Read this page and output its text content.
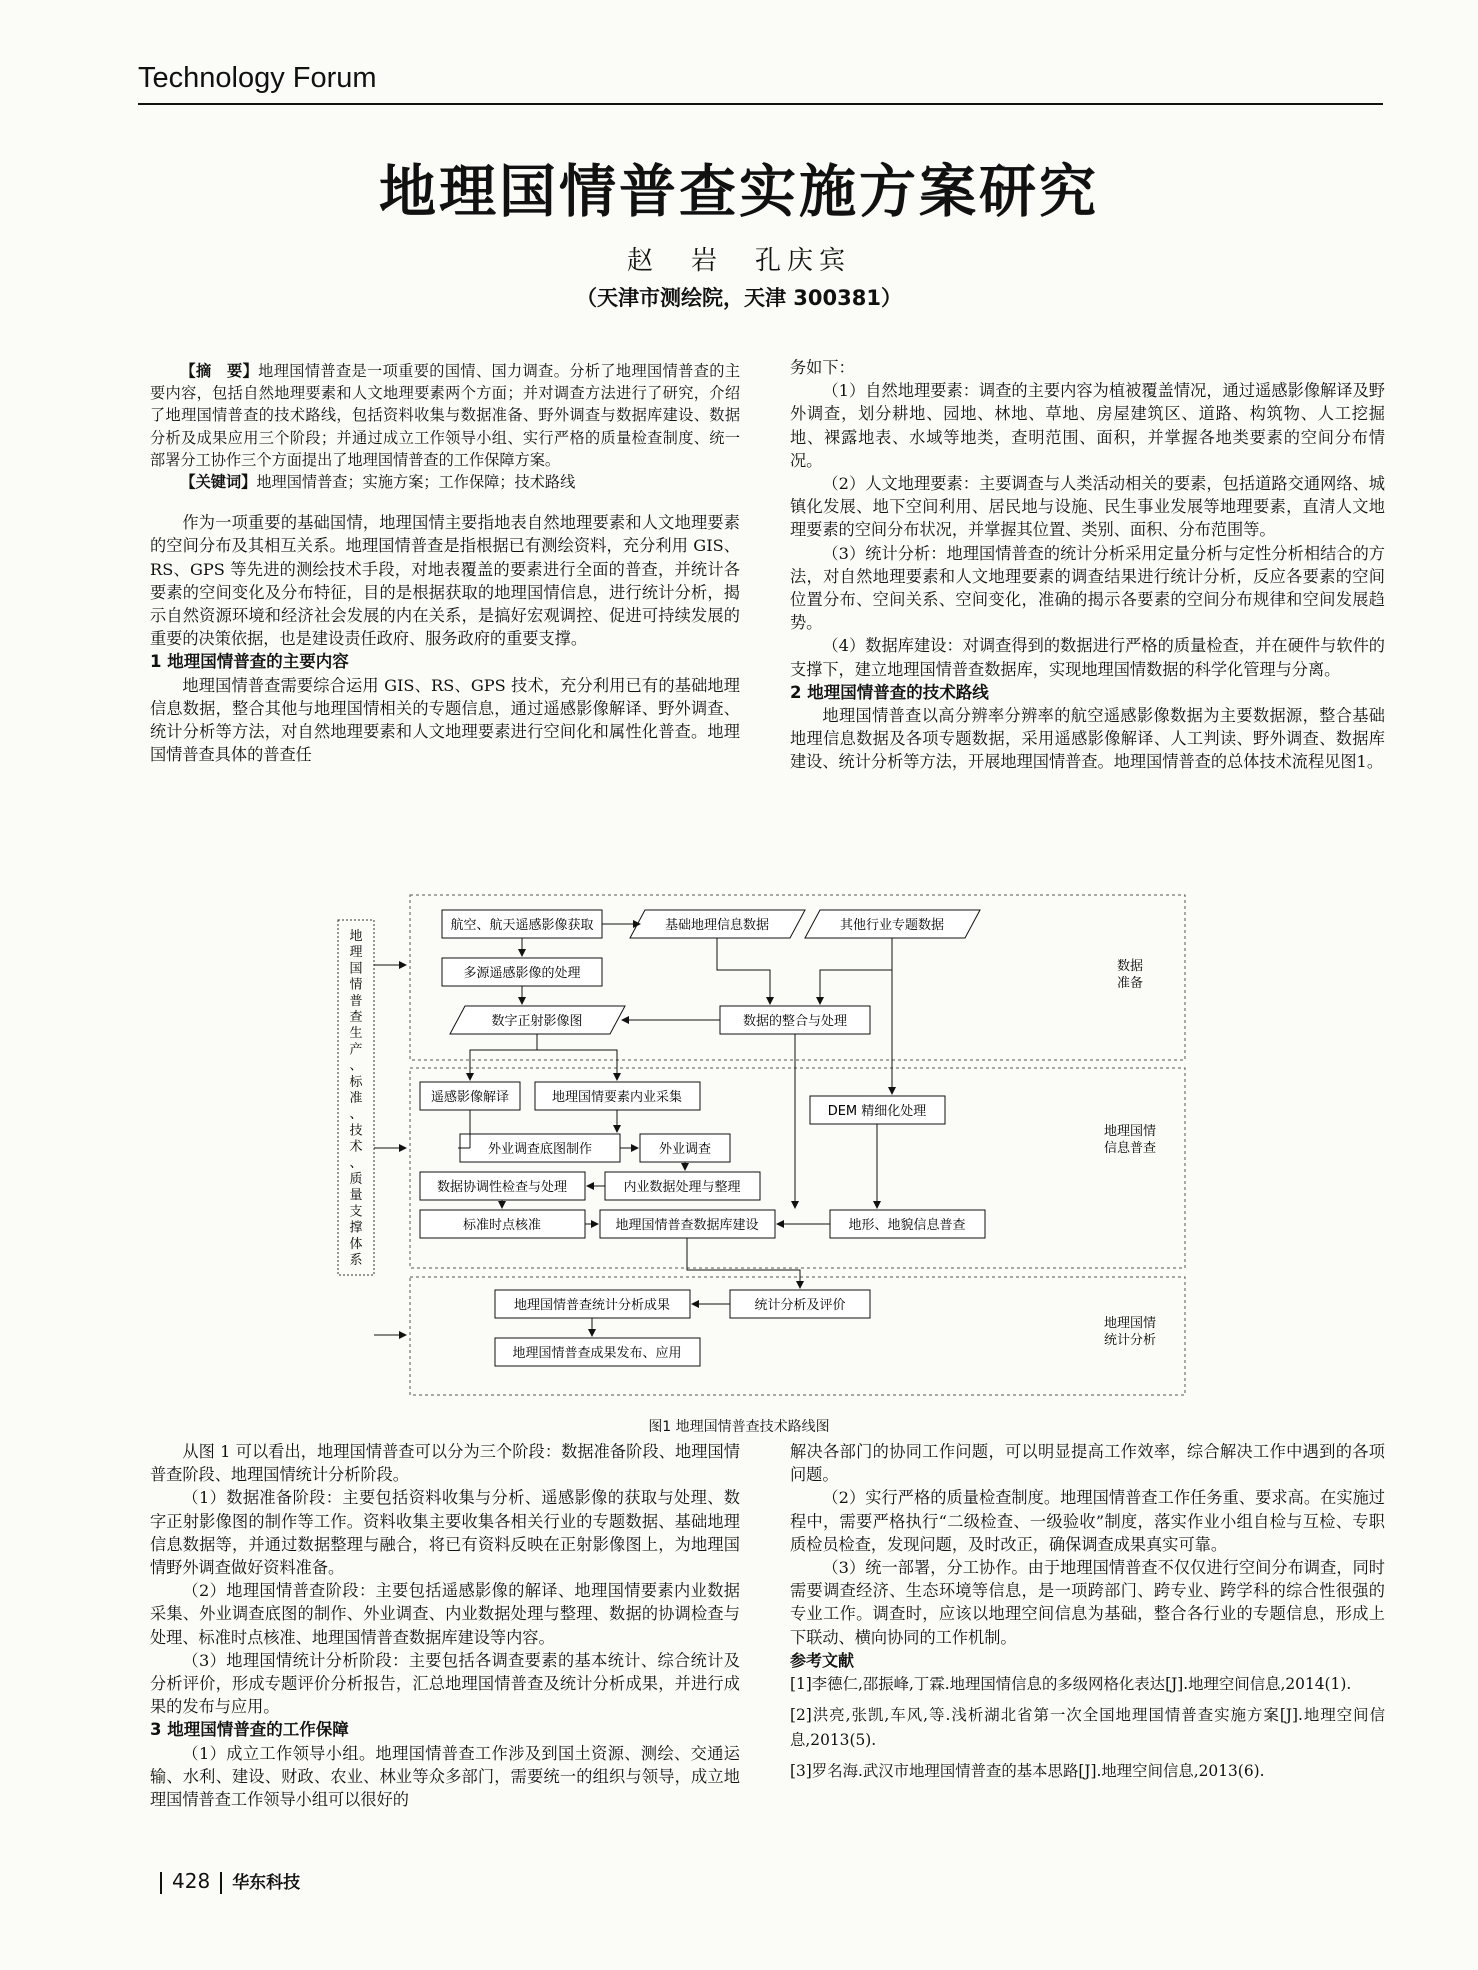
Technology Forum
地理国情普查实施方案研究
赵　岩　孔庆宾
（天津市测绘院，天津 300381）

【摘　要】地理国情普查是一项重要的国情、国力调查。分析了地理国情普查的主要内容，包括自然地理要素和人文地理要素两个方面；并对调查方法进行了研究，介绍了地理国情普查的技术路线，包括资料收集与数据准备、野外调查与数据库建设、数据分析及成果应用三个阶段；并通过成立工作领导小组、实行严格的质量检查制度、统一部署分工协作三个方面提出了地理国情普查的工作保障方案。

【关键词】地理国情普查；实施方案；工作保障；技术路线

作为一项重要的基础国情，地理国情主要指地表自然地理要素和人文地理要素的空间分布及其相互关系。地理国情普查是指根据已有测绘资料，充分利用 GIS、RS、GPS 等先进的测绘技术手段，对地表覆盖的要素进行全面的普查，并统计各要素的空间变化及分布特征，目的是根据获取的地理国情信息，进行统计分析，揭示自然资源环境和经济社会发展的内在关系，是搞好宏观调控、促进可持续发展的重要的决策依据，也是建设责任政府、服务政府的重要支撑。

1 地理国情普查的主要内容

地理国情普查需要综合运用 GIS、RS、GPS 技术，充分利用已有的基础地理信息数据，整合其他与地理国情相关的专题信息，通过遥感影像解译、野外调查、统计分析等方法，对自然地理要素和人文地理要素进行空间化和属性化普查。地理国情普查具体的普查任

务如下：

（1）自然地理要素：调查的主要内容为植被覆盖情况，通过遥感影像解译及野外调查，划分耕地、园地、林地、草地、房屋建筑区、道路、构筑物、人工挖掘地、裸露地表、水域等地类，查明范围、面积，并掌握各地类要素的空间分布情况。

（2）人文地理要素：主要调查与人类活动相关的要素，包括道路交通网络、城镇化发展、地下空间利用、居民地与设施、民生事业发展等地理要素，直清人文地理要素的空间分布状况，并掌握其位置、类别、面积、分布范围等。

（3）统计分析：地理国情普查的统计分析采用定量分析与定性分析相结合的方法，对自然地理要素和人文地理要素的调查结果进行统计分析，反应各要素的空间位置分布、空间关系、空间变化，准确的揭示各要素的空间分布规律和空间发展趋势。

（4）数据库建设：对调查得到的数据进行严格的质量检查，并在硬件与软件的支撑下，建立地理国情普查数据库，实现地理国情数据的科学化管理与分离。

2 地理国情普查的技术路线

地理国情普查以高分辨率分辨率的航空遥感影像数据为主要数据源，整合基础地理信息数据及各项专题数据，采用遥感影像解译、人工判读、野外调查、数据库建设、统计分析等方法，开展地理国情普查。地理国情普查的总体技术流程见图1。

地
理
国
情
普
查
生
产
、
标
准
、
技
术
、
质
量
支
撑
体
系
数据
准备
地理国情
信息普查
地理国情
统计分析
航空、航天遥感影像获取	基础地理信息数据	其他行业专题数据
多源遥感影像的处理
数字正射影像图	数据的整合与处理
遥感影像解译	地理国情要素内业采集
DEM 精细化处理
外业调查底图制作	外业调查
数据协调性检查与处理	内业数据处理与整理
标准时点核准	地理国情普查数据库建设	地形、地貌信息普查
地理国情普查统计分析成果	统计分析及评价
地理国情普查成果发布、应用
图1 地理国情普查技术路线图

从图 1 可以看出，地理国情普查可以分为三个阶段：数据准备阶段、地理国情普查阶段、地理国情统计分析阶段。

（1）数据准备阶段：主要包括资料收集与分析、遥感影像的获取与处理、数字正射影像图的制作等工作。资料收集主要收集各相关行业的专题数据、基础地理信息数据等，并通过数据整理与融合，将已有资料反映在正射影像图上，为地理国情野外调查做好资料准备。

（2）地理国情普查阶段：主要包括遥感影像的解译、地理国情要素内业数据采集、外业调查底图的制作、外业调查、内业数据处理与整理、数据的协调检查与处理、标准时点核准、地理国情普查数据库建设等内容。

（3）地理国情统计分析阶段：主要包括各调查要素的基本统计、综合统计及分析评价，形成专题评价分析报告，汇总地理国情普查及统计分析成果，并进行成果的发布与应用。

3 地理国情普查的工作保障

（1）成立工作领导小组。地理国情普查工作涉及到国土资源、测绘、交通运输、水利、建设、财政、农业、林业等众多部门，需要统一的组织与领导，成立地理国情普查工作领导小组可以很好的

解决各部门的协同工作问题，可以明显提高工作效率，综合解决工作中遇到的各项问题。

（2）实行严格的质量检查制度。地理国情普查工作任务重、要求高。在实施过程中，需要严格执行“二级检查、一级验收”制度，落实作业小组自检与互检、专职质检员检查，发现问题，及时改正，确保调查成果真实可靠。

（3）统一部署，分工协作。由于地理国情普查不仅仅进行空间分布调查，同时需要调查经济、生态环境等信息，是一项跨部门、跨专业、跨学科的综合性很强的专业工作。调查时，应该以地理空间信息为基础，整合各行业的专题信息，形成上下联动、横向协同的工作机制。

参考文献

[1]李德仁,邵振峰,丁霖.地理国情信息的多级网格化表达[J].地理空间信息,2014(1).

[2]洪亮,张凯,车风,等.浅析湖北省第一次全国地理国情普查实施方案[J].地理空间信息,2013(5).

[3]罗名海.武汉市地理国情普查的基本思路[J].地理空间信息,2013(6).

428 华东科技
